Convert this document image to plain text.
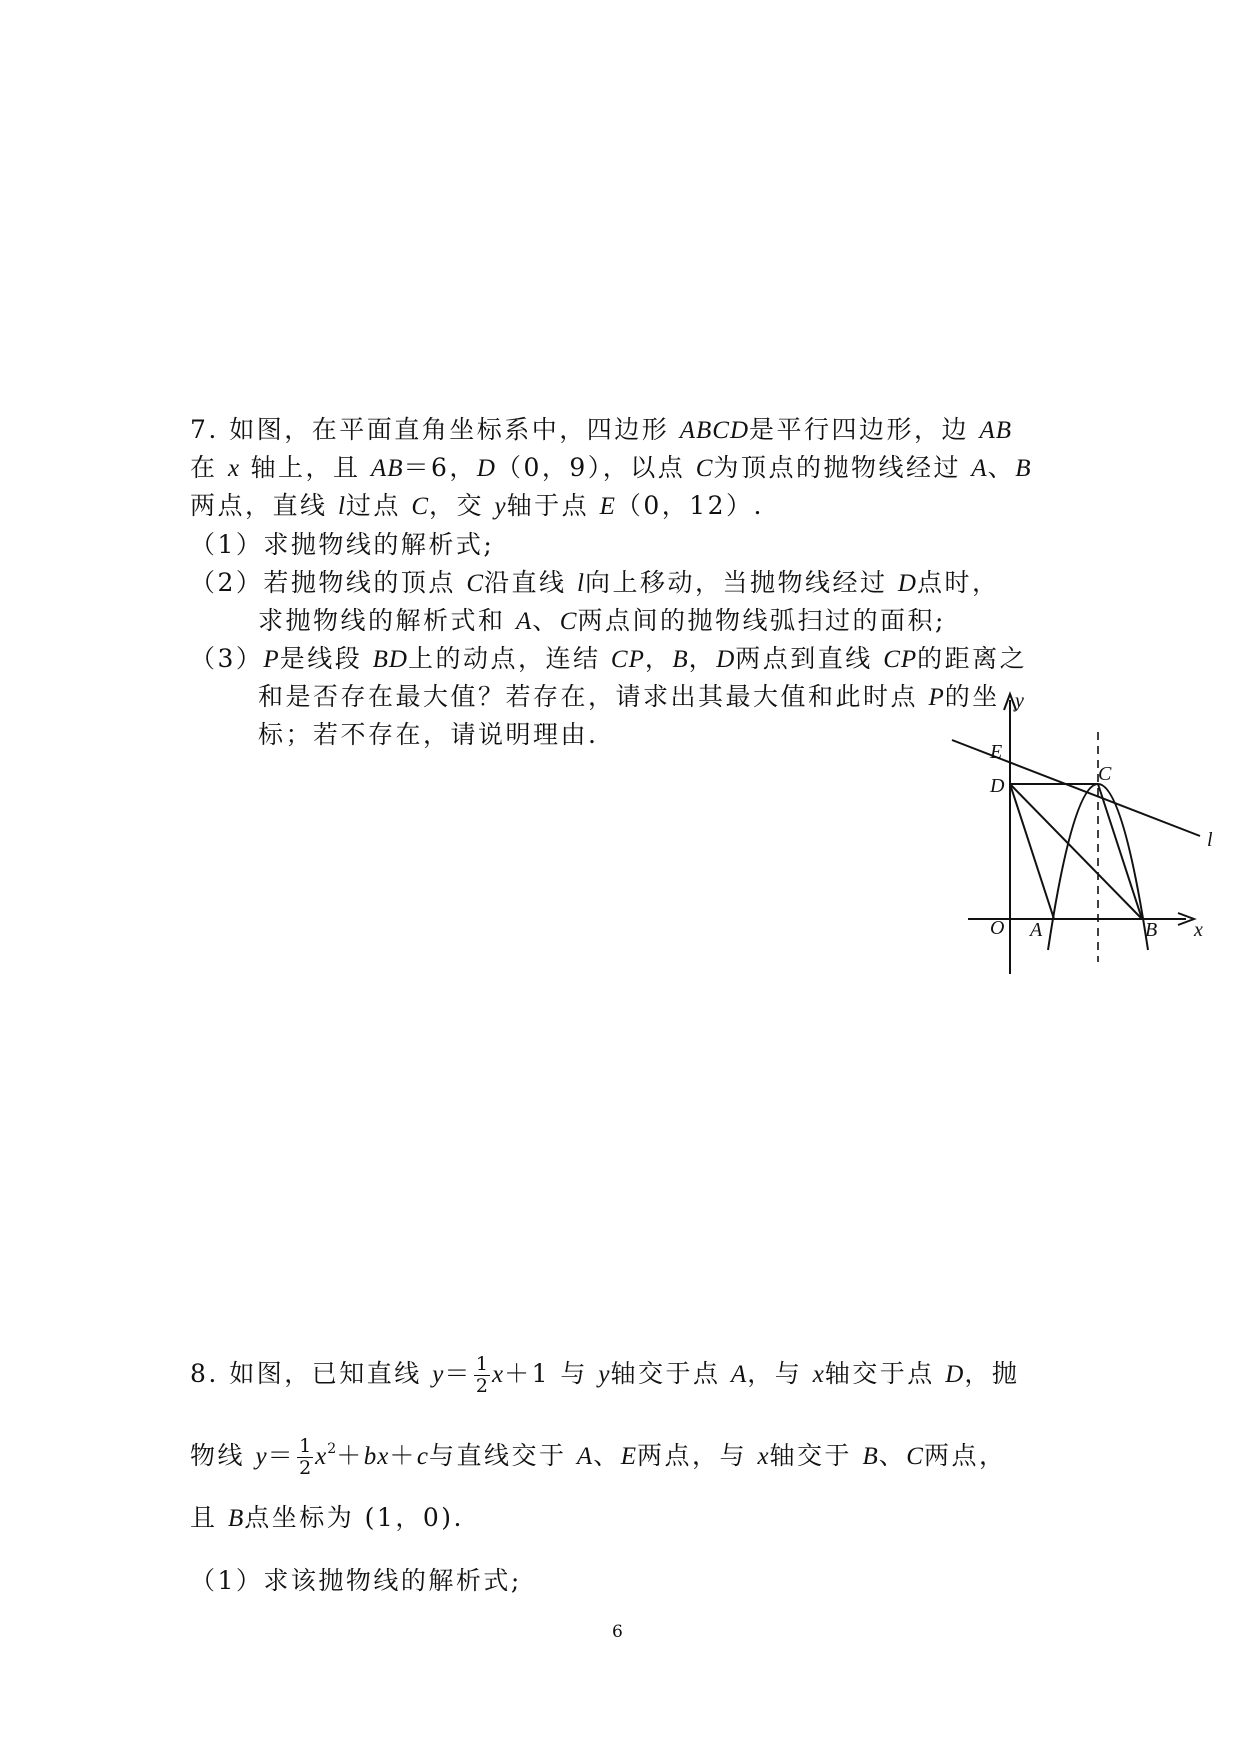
7. 如图，在平面直角坐标系中，四边形 ABCD是平行四边形，边 AB
在 x 轴上，且 AB＝6，D（0，9），以点 C为顶点的抛物线经过 A、B
两点，直线 l过点 C，交 y轴于点 E（0，12）.
（1）求抛物线的解析式;
（2）若抛物线的顶点 C沿直线 l向上移动，当抛物线经过 D点时，
求抛物线的解析式和 A、C两点间的抛物线弧扫过的面积;
（3）P是线段 BD上的动点，连结 CP，B，D两点到直线 CP的距离之
和是否存在最大值？若存在，请求出其最大值和此时点 P的坐
标；若不存在，请说明理由.
y
E
C
D
l
O A	B x
8. 如图，已知直线 $y= \frac{1}{2} x+1$ 与 y轴交于点 A，与 x轴交于点 D，抛
物线 $y= \frac{1}{2} x^2+bx+c$与直线交于 A、E两点，与 x轴交于 B、C两点，
且 B点坐标为 (1，0).
（1）求该抛物线的解析式;
6
